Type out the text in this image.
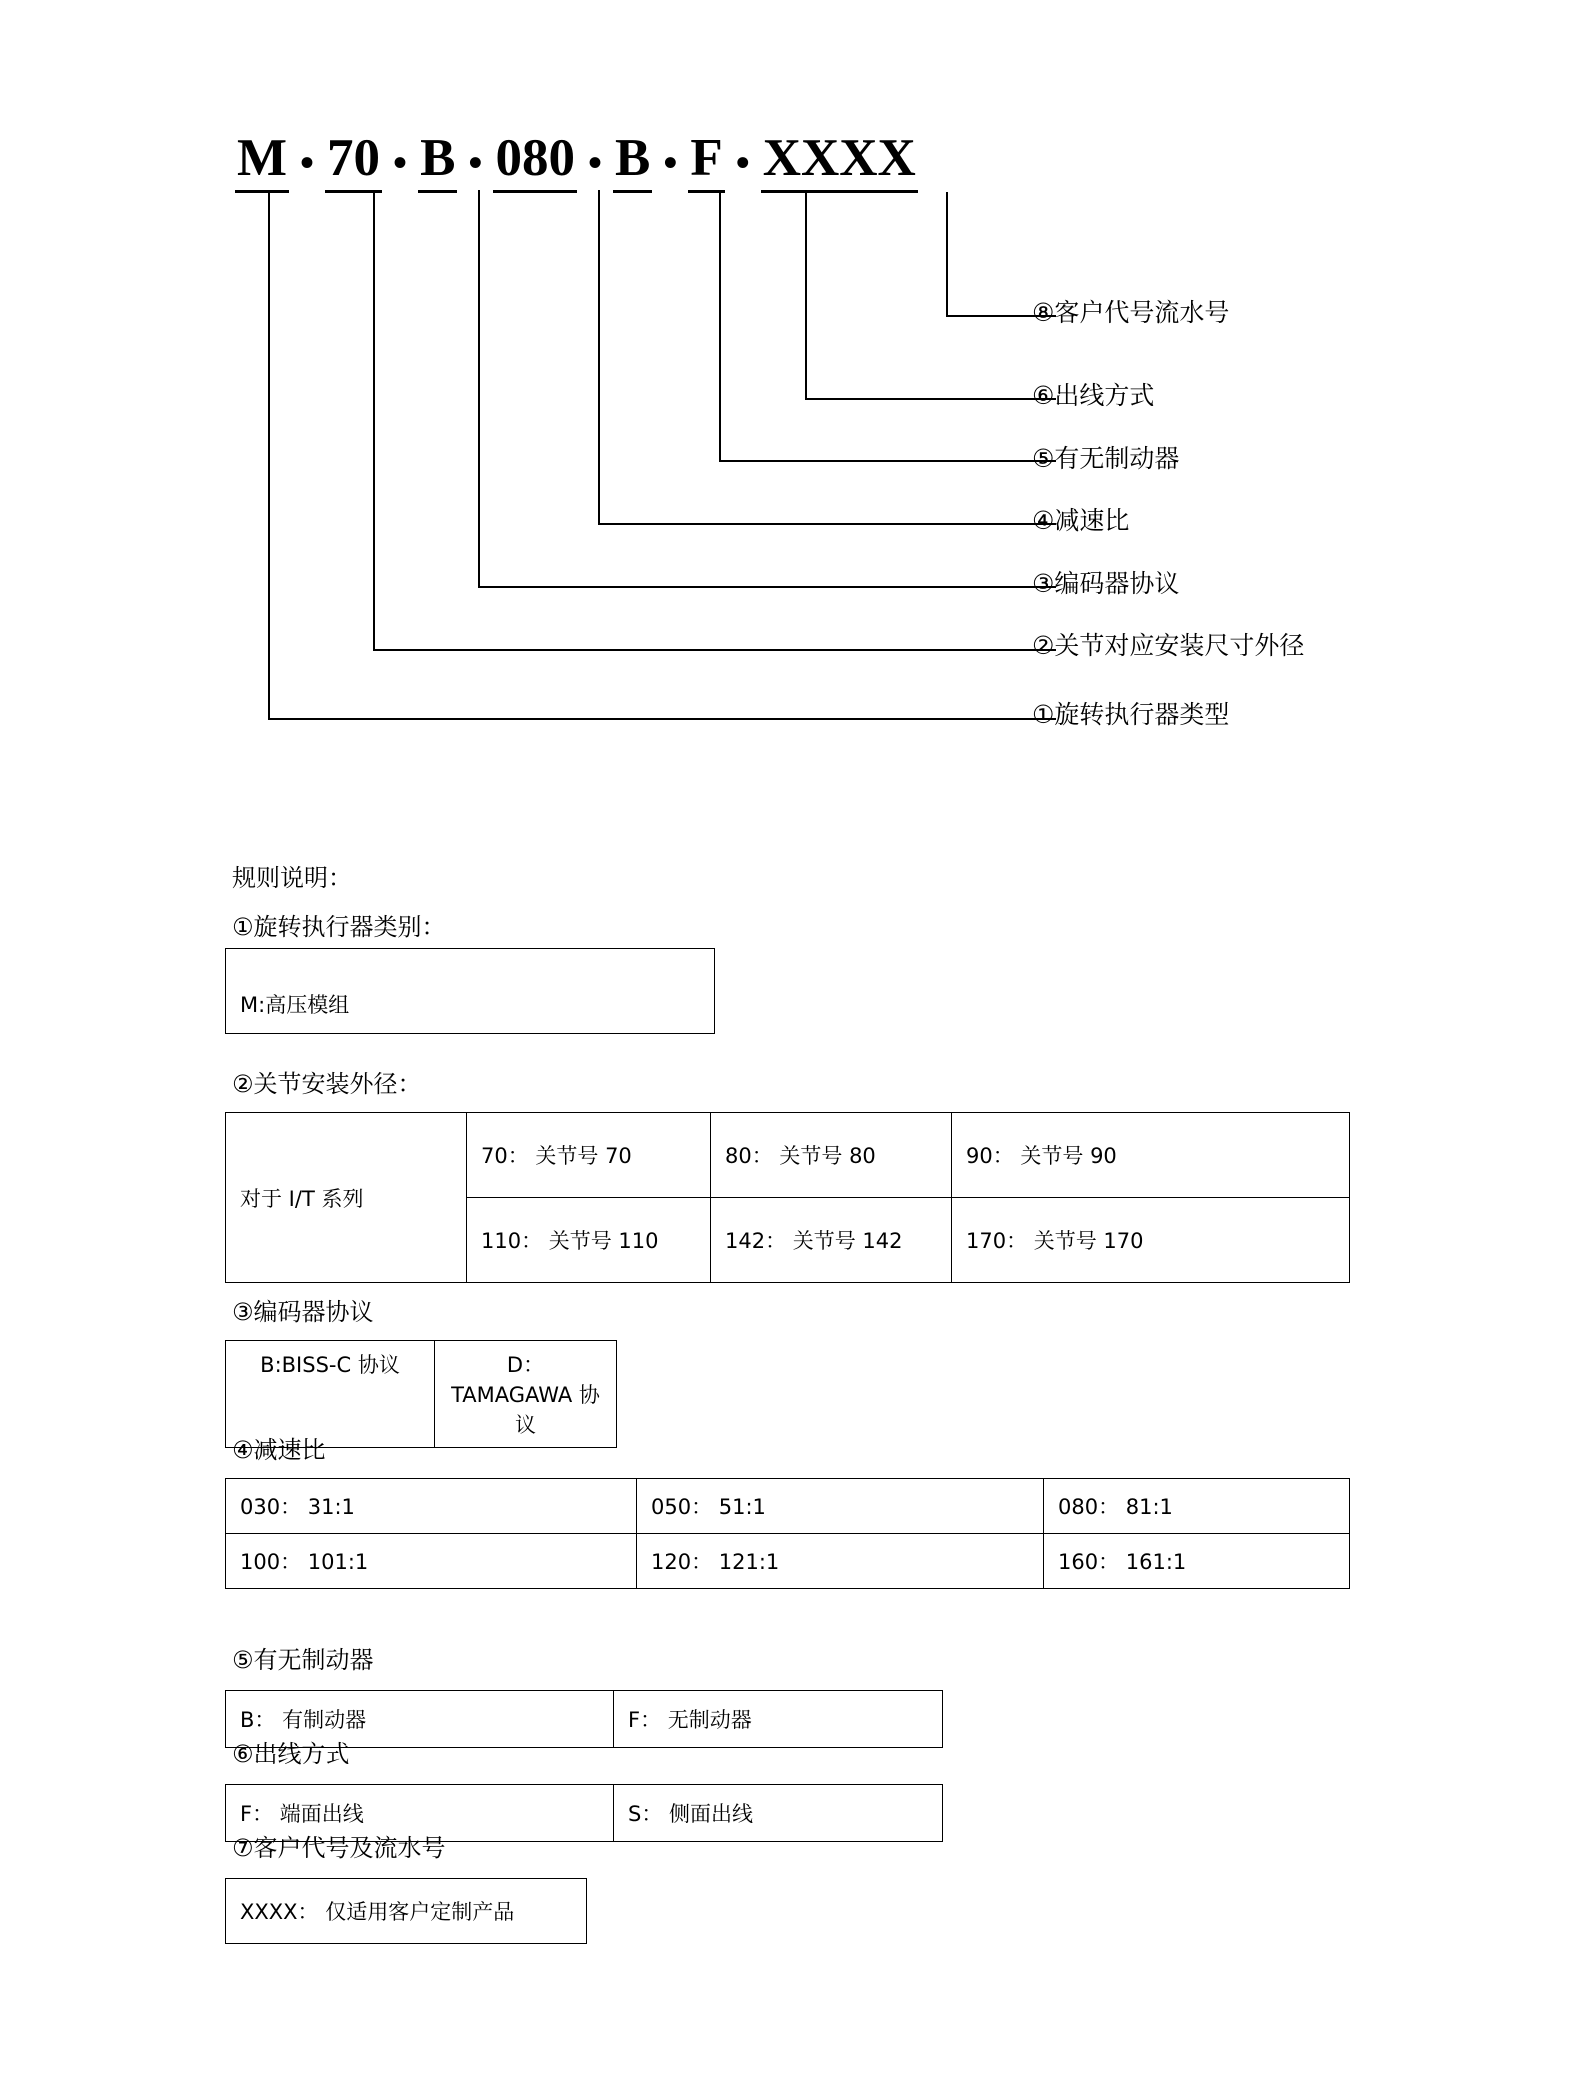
M • 70 • B • 080 • B • F • XXXX
⑧客户代号流水号
⑥出线方式
⑤有无制动器
④减速比
③编码器协议
②关节对应安装尺寸外径
①旋转执行器类型
规则说明：
①旋转执行器类别：
M:高压模组
②关节安装外径：
对于 I/T 系列	70： 关节号 70	80： 关节号 80	90： 关节号 90
	110： 关节号 110	142： 关节号 142	170： 关节号 170
③编码器协议
B:BISS-C 协议	D： TAMAGAWA 协议
④减速比
030： 31:1	050： 51:1	080： 81:1
100： 101:1	120： 121:1	160： 161:1
⑤有无制动器
B： 有制动器	F： 无制动器
⑥出线方式
F： 端面出线	S： 侧面出线
⑦客户代号及流水号
XXXX： 仅适用客户定制产品
